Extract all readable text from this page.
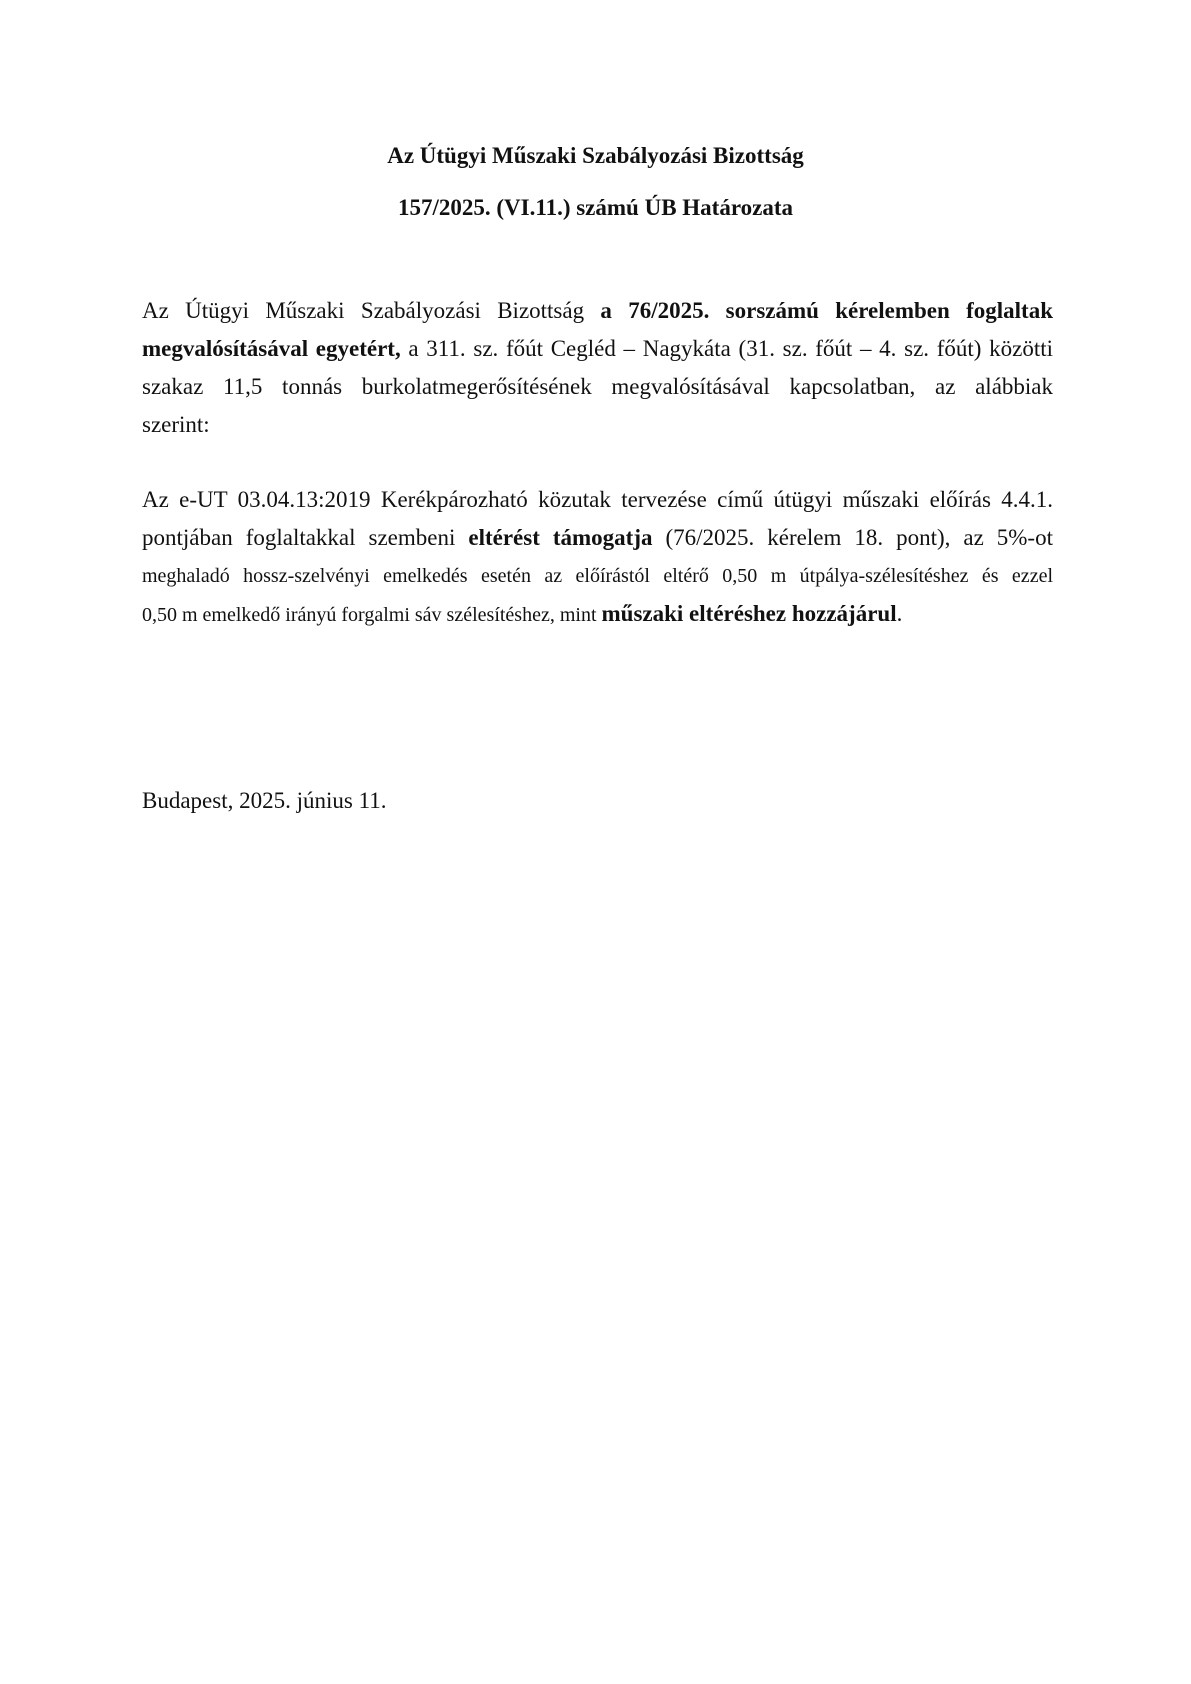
Az Útügyi Műszaki Szabályozási Bizottság

157/2025. (VI.11.) számú ÚB Határozata

Az Útügyi Műszaki Szabályozási Bizottság a 76/2025. sorszámú kérelemben foglaltak
megvalósításával egyetért, a 311. sz. főút Cegléd – Nagykáta (31. sz. főút – 4. sz. főút) közötti
szakaz 11,5 tonnás burkolatmegerősítésének megvalósításával kapcsolatban, az alábbiak
szerint:
Az e-UT 03.04.13:2019 Kerékpározható közutak tervezése című útügyi műszaki előírás 4.4.1.
pontjában foglaltakkal szembeni eltérést támogatja (76/2025. kérelem 18. pont), az 5%-ot
meghaladó hossz-szelvényi emelkedés esetén az előírástól eltérő 0,50 m útpálya-szélesítéshez és ezzel
0,50 m emelkedő irányú forgalmi sáv szélesítéshez, mint műszaki eltéréshez hozzájárul.

Budapest, 2025. június 11.
